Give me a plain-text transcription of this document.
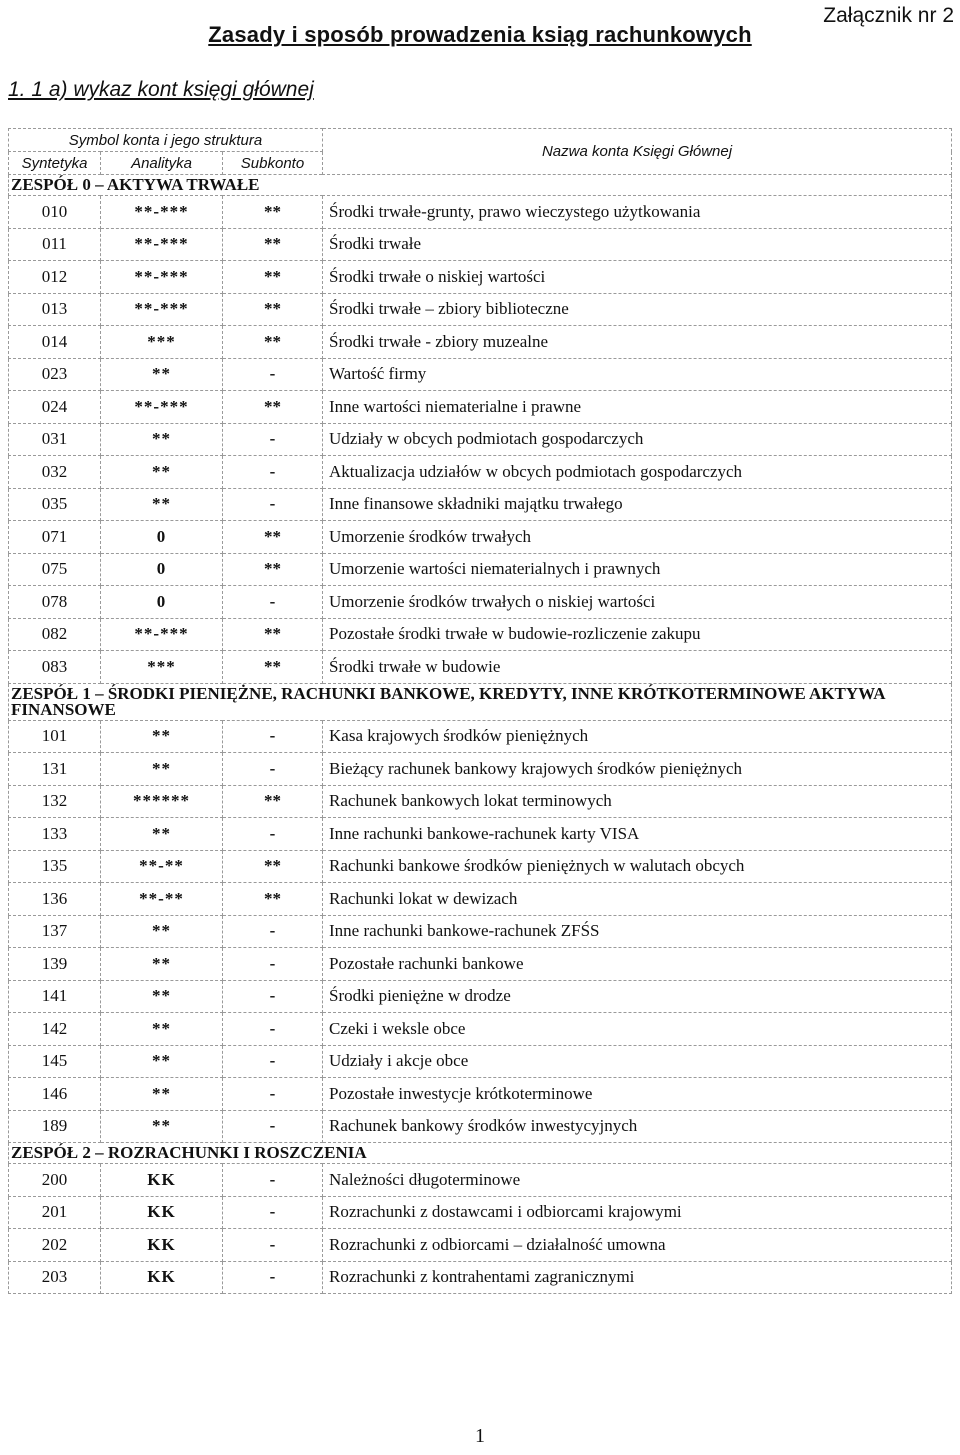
Załącznik nr 2
Zasady i sposób prowadzenia ksiąg rachunkowych
1. 1 a) wykaz kont księgi głównej
Symbol konta i jego struktura			Nazwa konta Księgi Głównej
Syntetyka	Analityka	Subkonto	
ZESPÓŁ 0 – AKTYWA TRWAŁE			
010	**-***	**	Środki trwałe-grunty, prawo wieczystego użytkowania
011	**-***	**	Środki trwałe
012	**-***	**	Środki trwałe o niskiej wartości
013	**-***	**	Środki trwałe – zbiory biblioteczne
014	***	**	Środki trwałe - zbiory muzealne
023	**	-	Wartość firmy
024	**-***	**	Inne wartości niematerialne i prawne
031	**	-	Udziały w obcych podmiotach gospodarczych
032	**	-	Aktualizacja udziałów w obcych podmiotach gospodarczych
035	**	-	Inne finansowe składniki majątku trwałego
071	0	**	Umorzenie środków trwałych
075	0	**	Umorzenie wartości niematerialnych i prawnych
078	0	-	Umorzenie środków trwałych o niskiej wartości
082	**-***	**	Pozostałe środki trwałe w budowie-rozliczenie zakupu
083	***	**	Środki trwałe w budowie
ZESPÓŁ 1 – ŚRODKI PIENIĘŻNE, RACHUNKI BANKOWE, KREDYTY, INNE KRÓTKOTERMINOWE AKTYWA FINANSOWE			
101	**	-	Kasa krajowych środków pieniężnych
131	**	-	Bieżący rachunek bankowy krajowych środków pieniężnych
132	******	**	Rachunek bankowych lokat terminowych
133	**	-	Inne rachunki bankowe-rachunek karty VISA
135	**-**	**	Rachunki bankowe środków pieniężnych w walutach obcych
136	**-**	**	Rachunki lokat w dewizach
137	**	-	Inne rachunki bankowe-rachunek ZFŚS
139	**	-	Pozostałe rachunki bankowe
141	**	-	Środki pieniężne w drodze
142	**	-	Czeki i weksle obce
145	**	-	Udziały i akcje obce
146	**	-	Pozostałe inwestycje krótkoterminowe
189	**	-	Rachunek bankowy środków inwestycyjnych
ZESPÓŁ 2 – ROZRACHUNKI I ROSZCZENIA			
200	KK	-	Należności długoterminowe
201	KK	-	Rozrachunki z dostawcami i odbiorcami krajowymi
202	KK	-	Rozrachunki z odbiorcami – działalność umowna
203	KK	-	Rozrachunki z kontrahentami zagranicznymi
1
